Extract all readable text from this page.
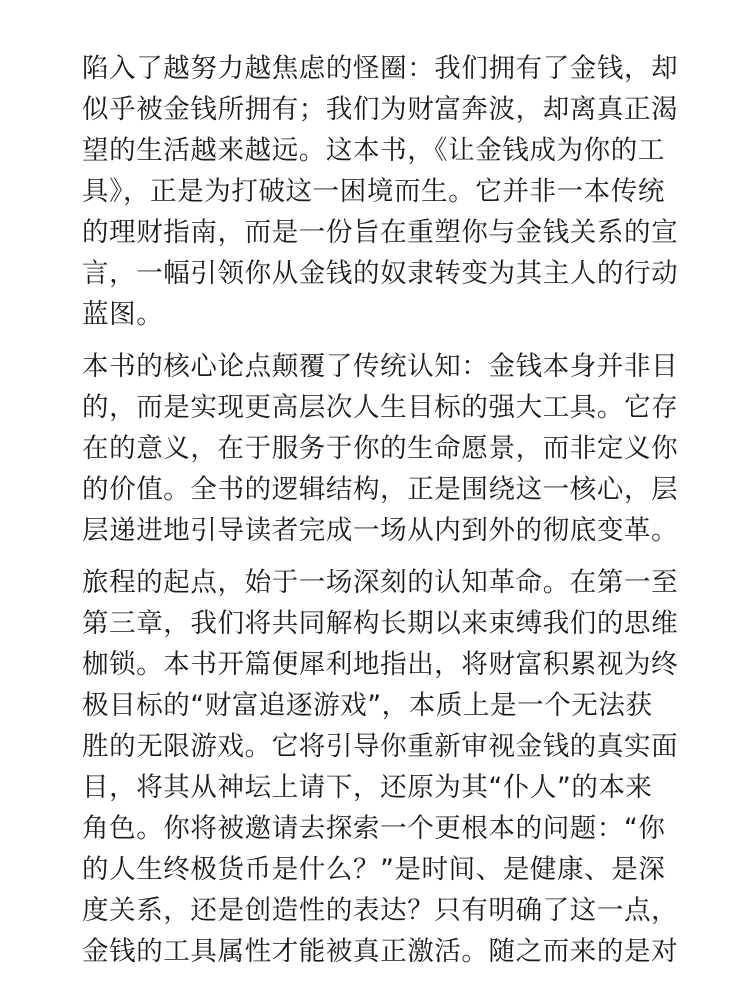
陷入了越努力越焦虑的怪圈：我们拥有了金钱，却
似乎被金钱所拥有；我们为财富奔波，却离真正渴
望的生活越来越远。这本书，《让金钱成为你的工
具》，正是为打破这一困境而生。它并非一本传统
的理财指南，而是一份旨在重塑你与金钱关系的宣
言，一幅引领你从金钱的奴隶转变为其主人的行动
蓝图。
本书的核心论点颠覆了传统认知：金钱本身并非目
的，而是实现更高层次人生目标的强大工具。它存
在的意义，在于服务于你的生命愿景，而非定义你
的价值。全书的逻辑结构，正是围绕这一核心，层
层递进地引导读者完成一场从内到外的彻底变革。
旅程的起点，始于一场深刻的认知革命。在第一至
第三章，我们将共同解构长期以来束缚我们的思维
枷锁。本书开篇便犀利地指出，将财富积累视为终
极目标的“财富追逐游戏”，本质上是一个无法获
胜的无限游戏。它将引导你重新审视金钱的真实面
目，将其从神坛上请下，还原为其“仆人”的本来
角色。你将被邀请去探索一个更根本的问题：“你
的人生终极货币是什么？”是时间、是健康、是深
度关系，还是创造性的表达？只有明确了这一点，
金钱的工具属性才能被真正激活。随之而来的是对
